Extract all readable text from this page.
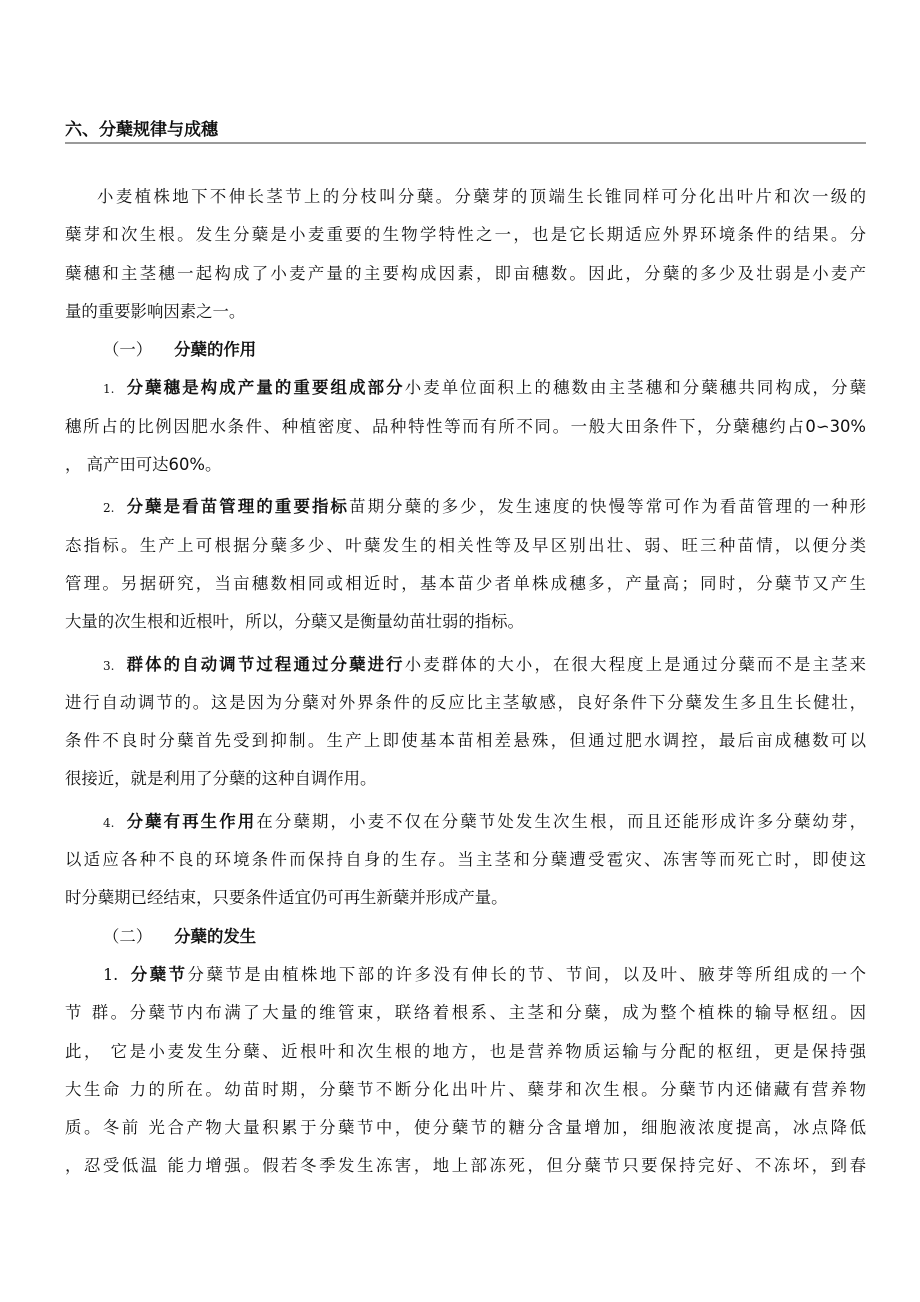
六、分蘖规律与成穗
小麦植株地下不伸长茎节上的分枝叫分蘖。分蘖芽的顶端生长锥同样可分化出叶片和次一级的
蘖芽和次生根。发生分蘖是小麦重要的生物学特性之一，也是它长期适应外界环境条件的结果。分
蘖穗和主茎穗一起构成了小麦产量的主要构成因素，即亩穗数。因此，分蘖的多少及壮弱是小麦产
量的重要影响因素之一。
（一） 分蘖的作用
1. 分蘖穗是构成产量的重要组成部分小麦单位面积上的穗数由主茎穗和分蘖穗共同构成，分蘖
穗所占的比例因肥水条件、种植密度、品种特性等而有所不同。一般大田条件下，分蘖穗约占0∽30%
， 高产田可达60%。
2. 分蘖是看苗管理的重要指标苗期分蘖的多少，发生速度的快慢等常可作为看苗管理的一种形
态指标。生产上可根据分蘖多少、叶蘖发生的相关性等及早区别出壮、弱、旺三种苗情，以便分类
管理。另据研究，当亩穗数相同或相近时，基本苗少者单株成穗多，产量高；同时，分蘖节又产生
大量的次生根和近根叶，所以，分蘖又是衡量幼苗壮弱的指标。
3. 群体的自动调节过程通过分蘖进行小麦群体的大小，在很大程度上是通过分蘖而不是主茎来
进行自动调节的。这是因为分蘖对外界条件的反应比主茎敏感，良好条件下分蘖发生多且生长健壮，
条件不良时分蘖首先受到抑制。生产上即使基本苗相差悬殊，但通过肥水调控，最后亩成穗数可以
很接近，就是利用了分蘖的这种自调作用。
4. 分蘖有再生作用在分蘖期，小麦不仅在分蘖节处发生次生根，而且还能形成许多分蘖幼芽，
以适应各种不良的环境条件而保持自身的生存。当主茎和分蘖遭受雹灾、冻害等而死亡时，即使这
时分蘖期已经结束，只要条件适宜仍可再生新蘖并形成产量。
（二） 分蘖的发生
1. 分蘖节分蘖节是由植株地下部的许多没有伸长的节、节间，以及叶、腋芽等所组成的一个
节 群。分蘖节内布满了大量的维管束，联络着根系、主茎和分蘖，成为整个植株的输导枢纽。因
此， 它是小麦发生分蘖、近根叶和次生根的地方，也是营养物质运输与分配的枢纽，更是保持强
大生命 力的所在。幼苗时期，分蘖节不断分化出叶片、蘖芽和次生根。分蘖节内还储藏有营养物
质。冬前 光合产物大量积累于分蘖节中，使分蘖节的糖分含量增加，细胞液浓度提高，冰点降低
，忍受低温 能力增强。假若冬季发生冻害，地上部冻死，但分蘖节只要保持完好、不冻坏，到春
